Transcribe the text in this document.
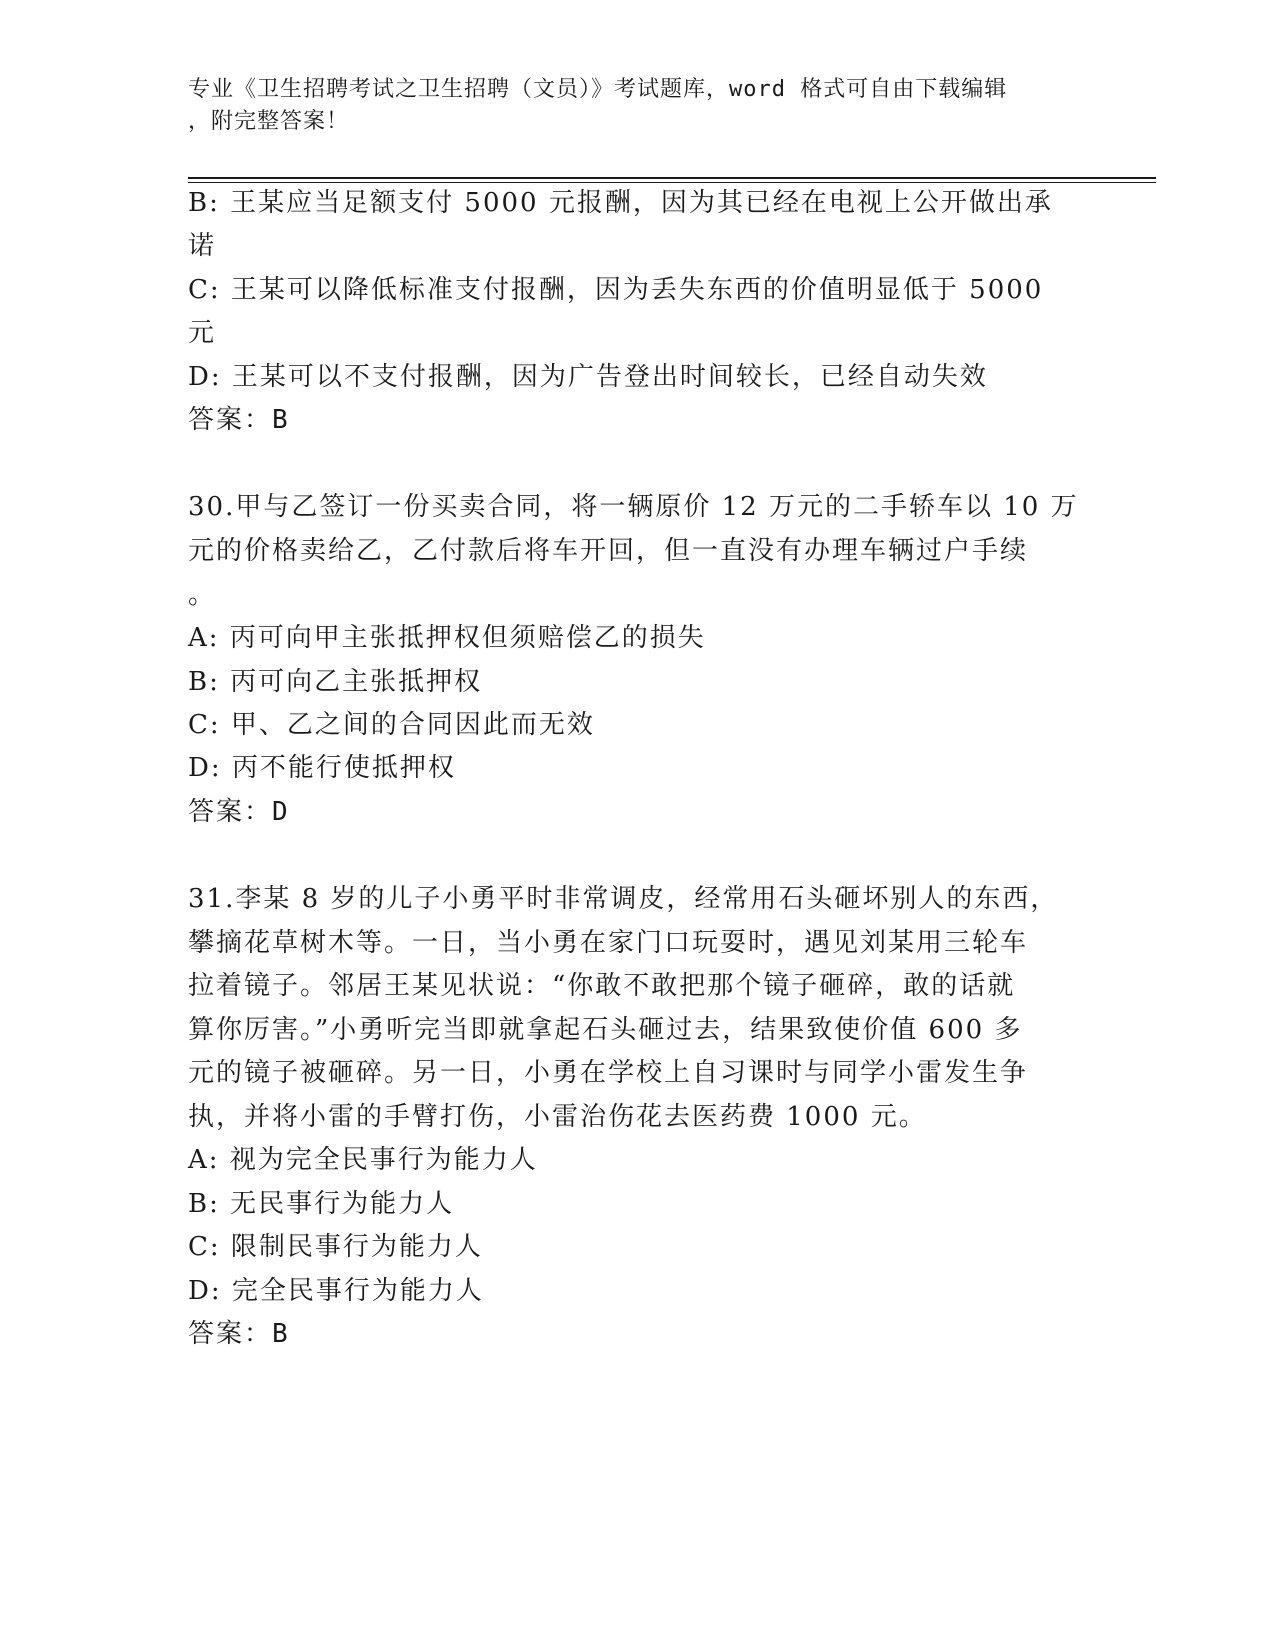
专业《卫生招聘考试之卫生招聘（文员）》考试题库，word 格式可自由下载编辑
，附完整答案！
B: 王某应当足额支付 5000 元报酬，因为其已经在电视上公开做出承
诺
C: 王某可以降低标准支付报酬，因为丢失东西的价值明显低于 5000
元
D: 王某可以不支付报酬，因为广告登出时间较长，已经自动失效
答案：B
30.甲与乙签订一份买卖合同，将一辆原价 12 万元的二手轿车以 10 万
元的价格卖给乙，乙付款后将车开回，但一直没有办理车辆过户手续
。
A: 丙可向甲主张抵押权但须赔偿乙的损失
B: 丙可向乙主张抵押权
C: 甲、乙之间的合同因此而无效
D: 丙不能行使抵押权
答案：D
31.李某 8 岁的儿子小勇平时非常调皮，经常用石头砸坏别人的东西，
攀摘花草树木等。一日，当小勇在家门口玩耍时，遇见刘某用三轮车
拉着镜子。邻居王某见状说：“你敢不敢把那个镜子砸碎，敢的话就
算你厉害。”小勇听完当即就拿起石头砸过去，结果致使价值 600 多
元的镜子被砸碎。另一日，小勇在学校上自习课时与同学小雷发生争
执，并将小雷的手臂打伤，小雷治伤花去医药费 1000 元。
A: 视为完全民事行为能力人
B: 无民事行为能力人
C: 限制民事行为能力人
D: 完全民事行为能力人
答案：B
